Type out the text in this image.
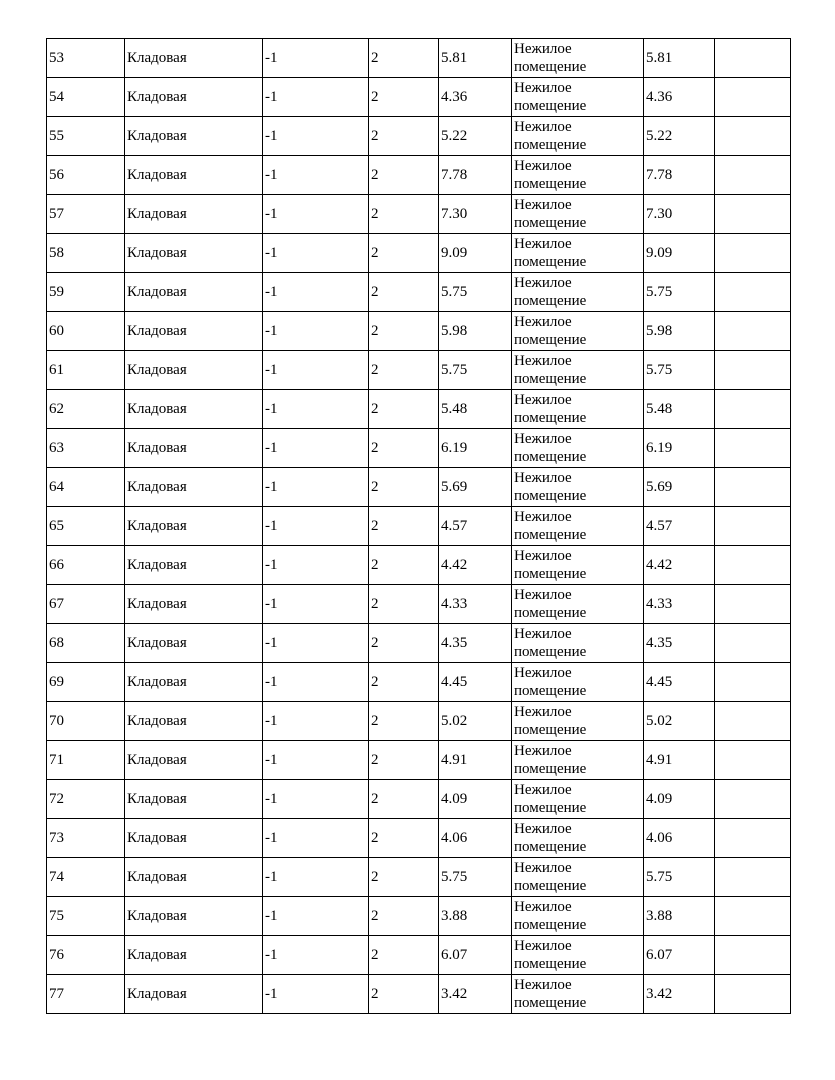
53	Кладовая	-1	2	5.81	Нежилое помещение	5.81	
54	Кладовая	-1	2	4.36	Нежилое помещение	4.36	
55	Кладовая	-1	2	5.22	Нежилое помещение	5.22	
56	Кладовая	-1	2	7.78	Нежилое помещение	7.78	
57	Кладовая	-1	2	7.30	Нежилое помещение	7.30	
58	Кладовая	-1	2	9.09	Нежилое помещение	9.09	
59	Кладовая	-1	2	5.75	Нежилое помещение	5.75	
60	Кладовая	-1	2	5.98	Нежилое помещение	5.98	
61	Кладовая	-1	2	5.75	Нежилое помещение	5.75	
62	Кладовая	-1	2	5.48	Нежилое помещение	5.48	
63	Кладовая	-1	2	6.19	Нежилое помещение	6.19	
64	Кладовая	-1	2	5.69	Нежилое помещение	5.69	
65	Кладовая	-1	2	4.57	Нежилое помещение	4.57	
66	Кладовая	-1	2	4.42	Нежилое помещение	4.42	
67	Кладовая	-1	2	4.33	Нежилое помещение	4.33	
68	Кладовая	-1	2	4.35	Нежилое помещение	4.35	
69	Кладовая	-1	2	4.45	Нежилое помещение	4.45	
70	Кладовая	-1	2	5.02	Нежилое помещение	5.02	
71	Кладовая	-1	2	4.91	Нежилое помещение	4.91	
72	Кладовая	-1	2	4.09	Нежилое помещение	4.09	
73	Кладовая	-1	2	4.06	Нежилое помещение	4.06	
74	Кладовая	-1	2	5.75	Нежилое помещение	5.75	
75	Кладовая	-1	2	3.88	Нежилое помещение	3.88	
76	Кладовая	-1	2	6.07	Нежилое помещение	6.07	
77	Кладовая	-1	2	3.42	Нежилое помещение	3.42	
